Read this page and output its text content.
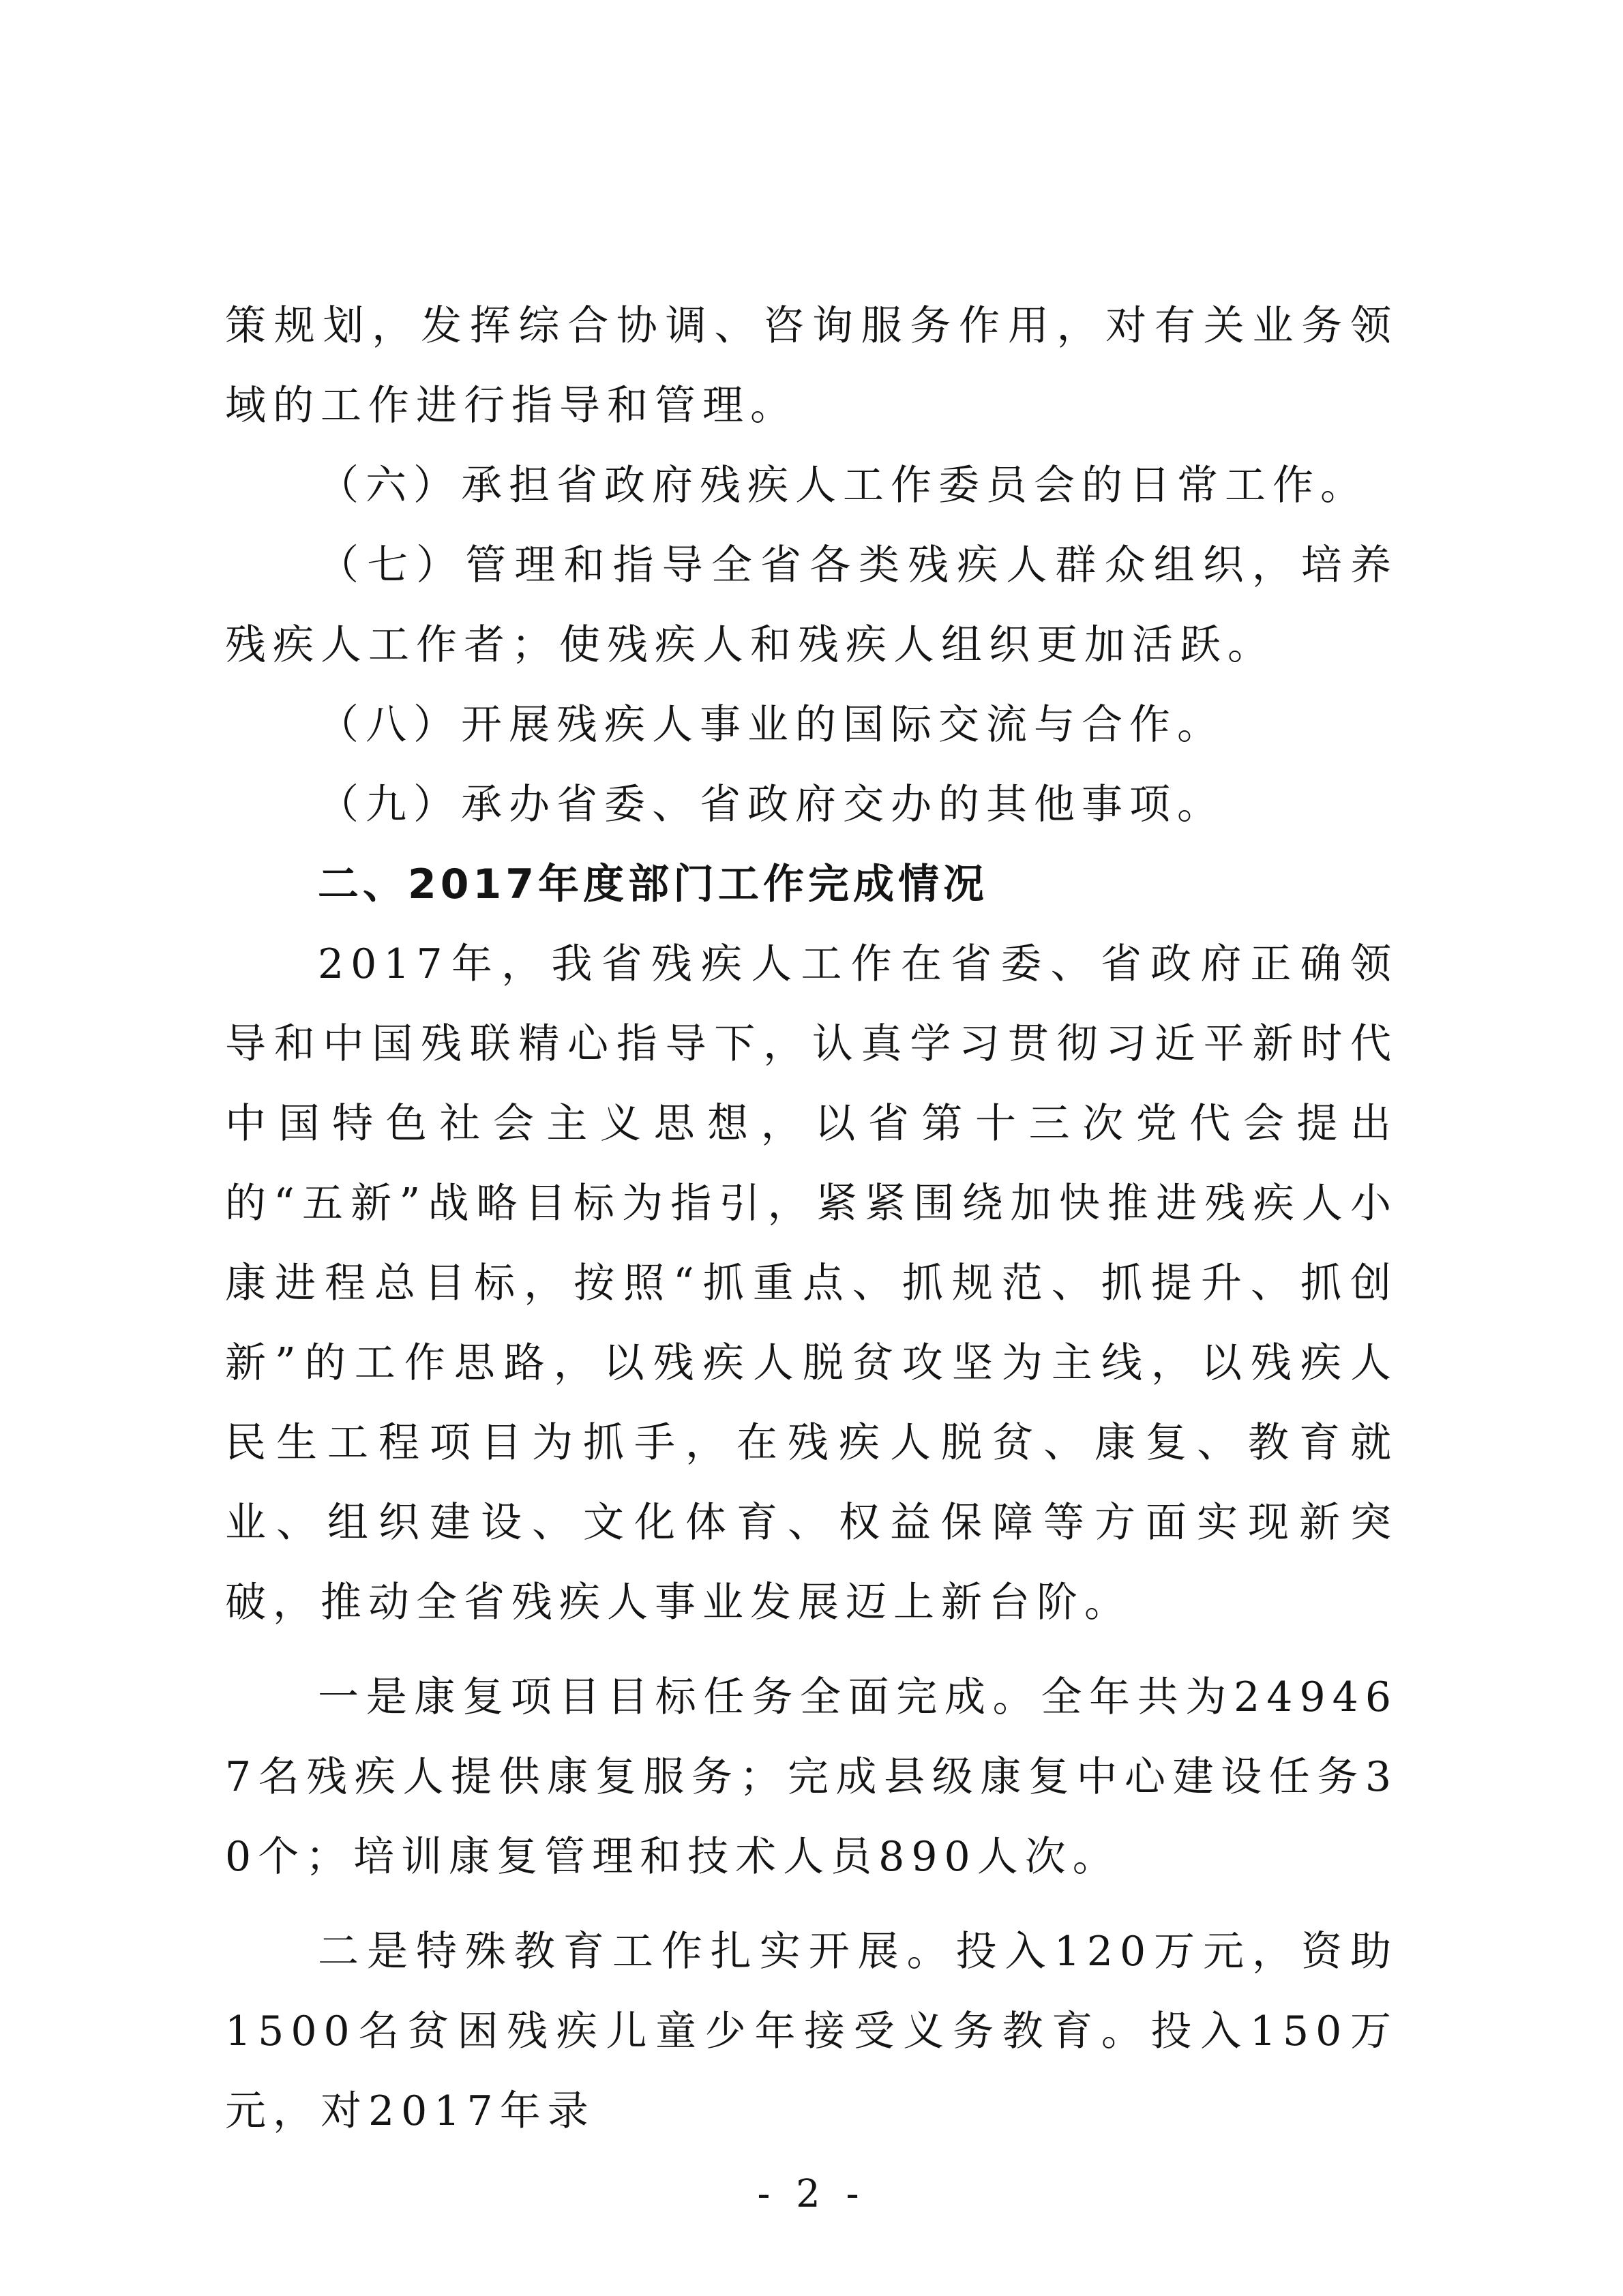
策规划，发挥综合协调、咨询服务作用，对有关业务领域的工作进行指导和管理。

（六）承担省政府残疾人工作委员会的日常工作。

（七）管理和指导全省各类残疾人群众组织，培养残疾人工作者；使残疾人和残疾人组织更加活跃。

（八）开展残疾人事业的国际交流与合作。

（九）承办省委、省政府交办的其他事项。

二、2017年度部门工作完成情况

2017年，我省残疾人工作在省委、省政府正确领导和中国残联精心指导下，认真学习贯彻习近平新时代中国特色社会主义思想，以省第十三次党代会提出的“五新”战略目标为指引，紧紧围绕加快推进残疾人小康进程总目标，按照“抓重点、抓规范、抓提升、抓创新”的工作思路，以残疾人脱贫攻坚为主线，以残疾人民生工程项目为抓手，在残疾人脱贫、康复、教育就业、组织建设、文化体育、权益保障等方面实现新突破，推动全省残疾人事业发展迈上新台阶。

一是康复项目目标任务全面完成。全年共为249467名残疾人提供康复服务；完成县级康复中心建设任务30个；培训康复管理和技术人员890人次。

二是特殊教育工作扎实开展。投入120万元，资助1500名贫困残疾儿童少年接受义务教育。投入150万元，对2017年录

- 2 -
